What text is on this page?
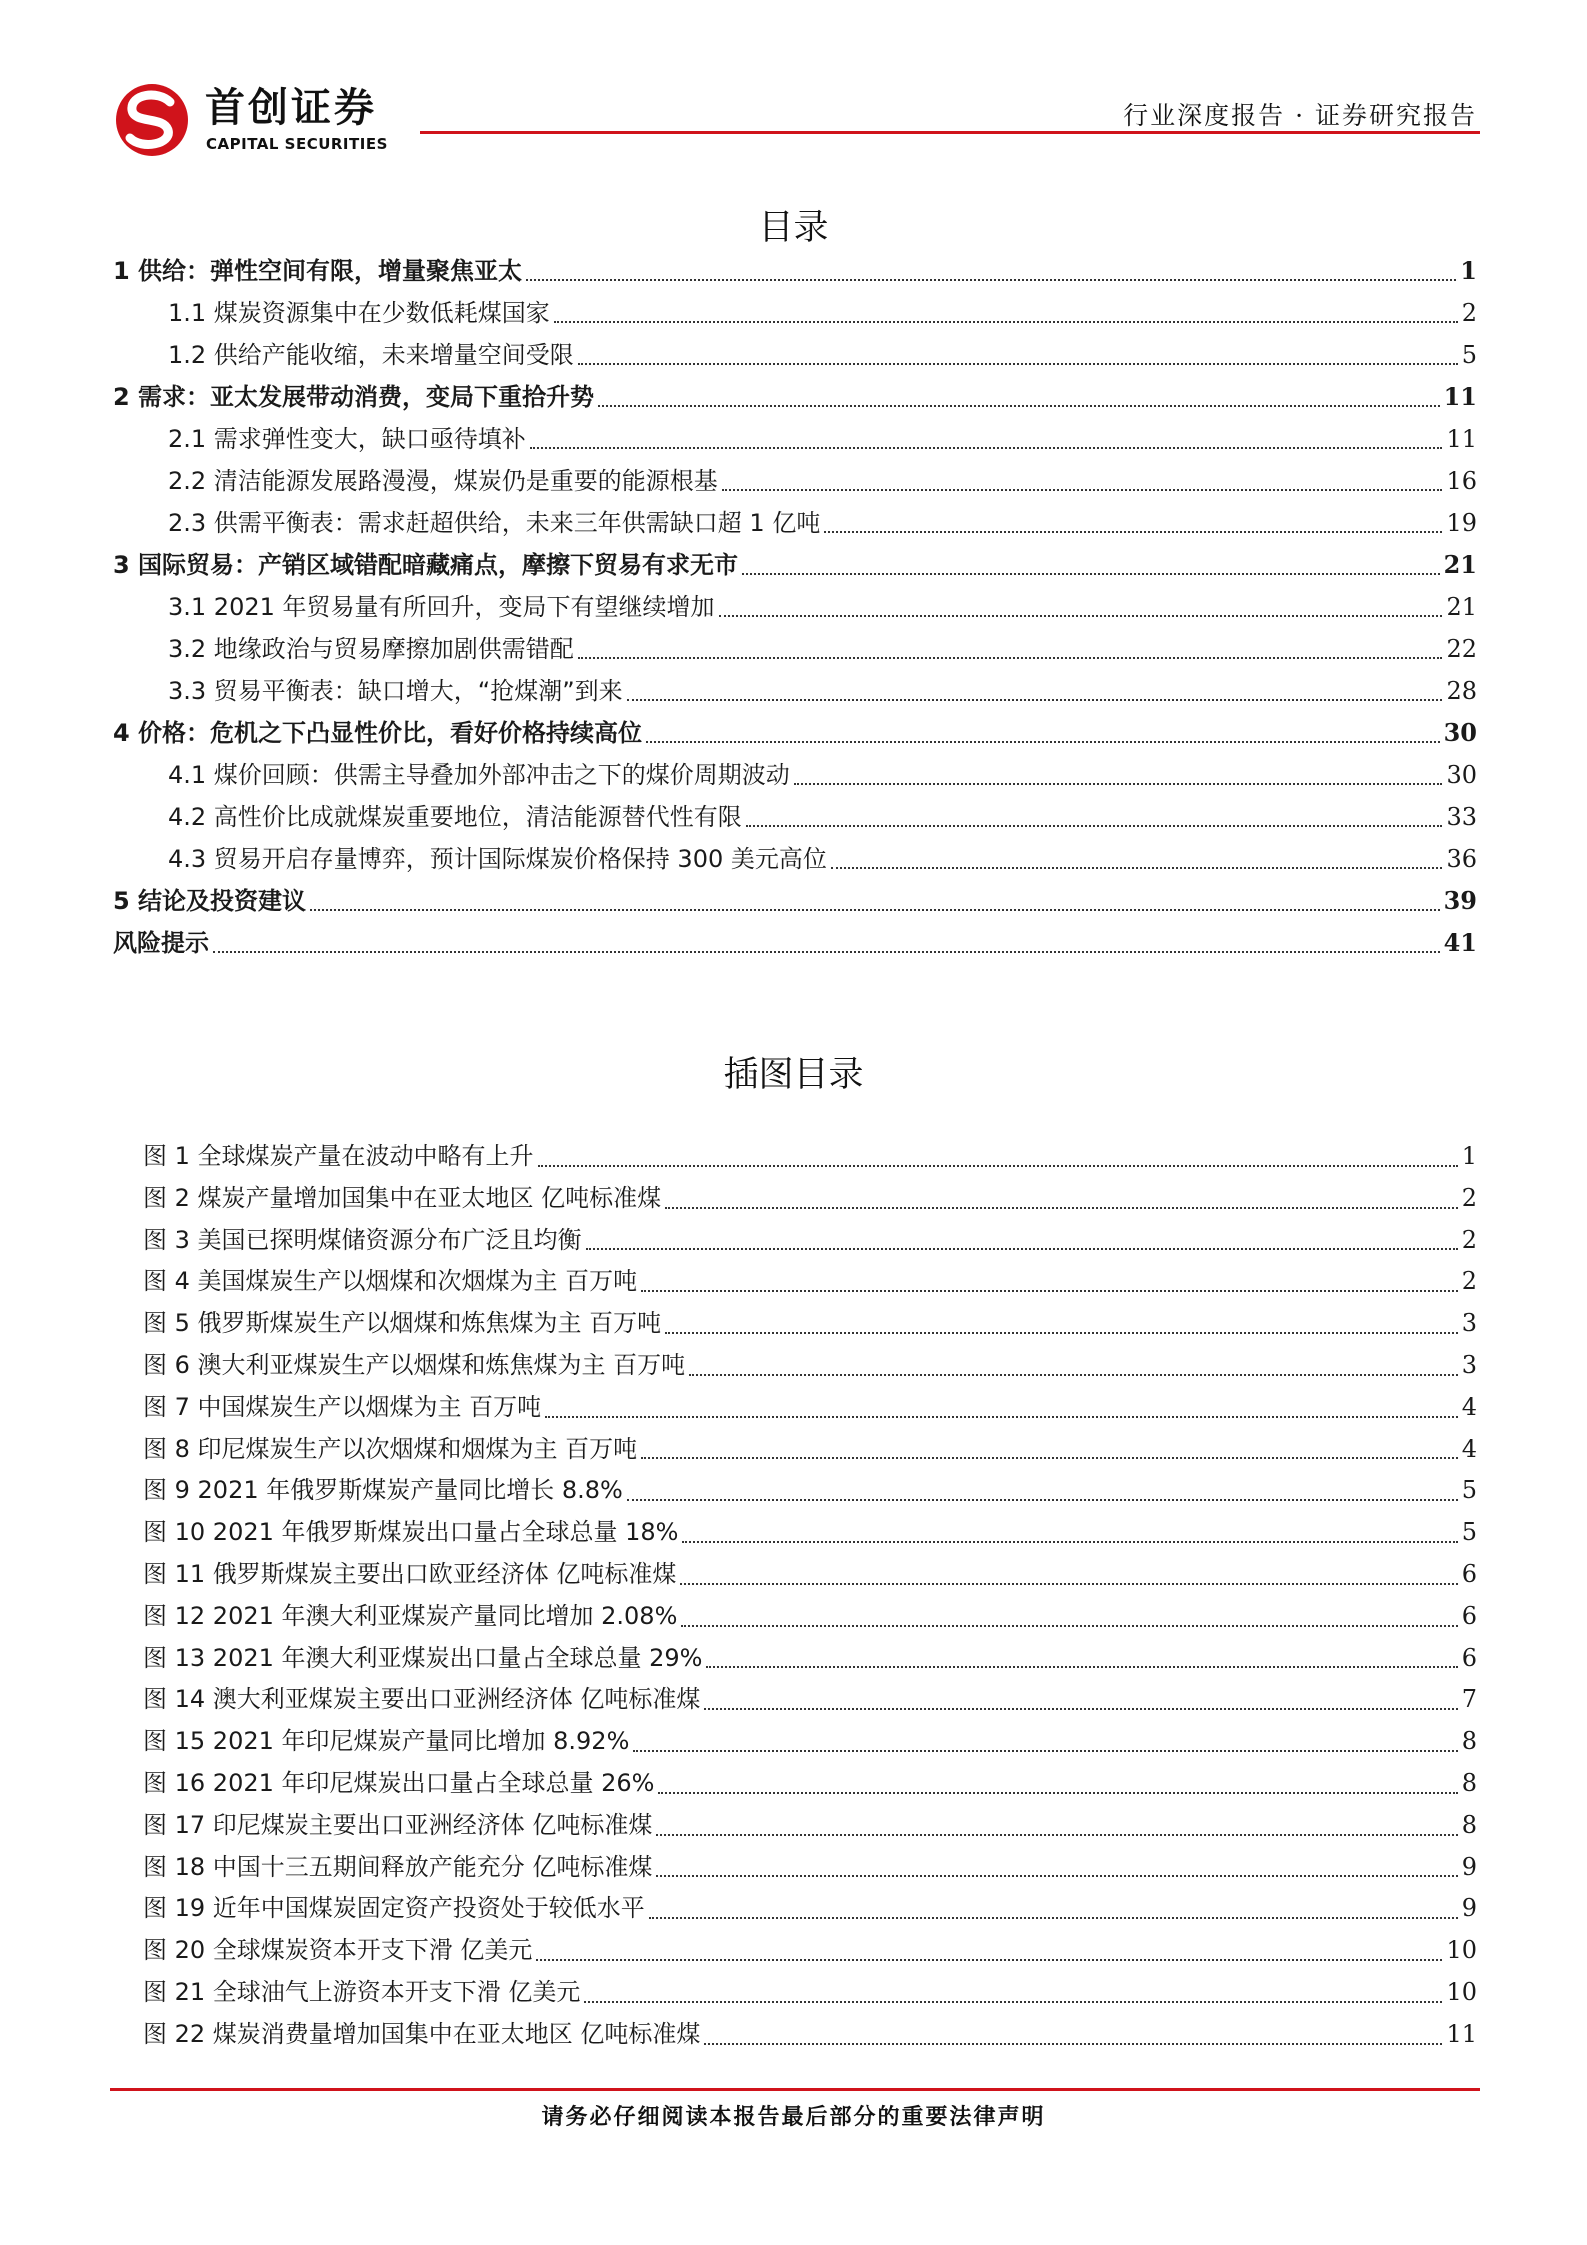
首创证券
CAPITAL SECURITIES
行业深度报告 · 证券研究报告
目录
1 供给：弹性空间有限，增量聚焦亚太	1
1.1 煤炭资源集中在少数低耗煤国家	2
1.2 供给产能收缩，未来增量空间受限	5
2 需求：亚太发展带动消费，变局下重拾升势	11
2.1 需求弹性变大，缺口亟待填补	11
2.2 清洁能源发展路漫漫，煤炭仍是重要的能源根基	16
2.3 供需平衡表：需求赶超供给，未来三年供需缺口超 1 亿吨	19
3 国际贸易：产销区域错配暗藏痛点，摩擦下贸易有求无市	21
3.1 2021 年贸易量有所回升，变局下有望继续增加	21
3.2 地缘政治与贸易摩擦加剧供需错配	22
3.3 贸易平衡表：缺口增大，“抢煤潮”到来	28
4 价格：危机之下凸显性价比，看好价格持续高位	30
4.1 煤价回顾：供需主导叠加外部冲击之下的煤价周期波动	30
4.2 高性价比成就煤炭重要地位，清洁能源替代性有限	33
4.3 贸易开启存量博弈，预计国际煤炭价格保持 300 美元高位	36
5 结论及投资建议	39
风险提示	41
插图目录
图 1 全球煤炭产量在波动中略有上升	1
图 2 煤炭产量增加国集中在亚太地区 亿吨标准煤	2
图 3 美国已探明煤储资源分布广泛且均衡	2
图 4 美国煤炭生产以烟煤和次烟煤为主 百万吨	2
图 5 俄罗斯煤炭生产以烟煤和炼焦煤为主 百万吨	3
图 6 澳大利亚煤炭生产以烟煤和炼焦煤为主 百万吨	3
图 7 中国煤炭生产以烟煤为主 百万吨	4
图 8 印尼煤炭生产以次烟煤和烟煤为主 百万吨	4
图 9 2021 年俄罗斯煤炭产量同比增长 8.8%	5
图 10 2021 年俄罗斯煤炭出口量占全球总量 18%	5
图 11 俄罗斯煤炭主要出口欧亚经济体 亿吨标准煤	6
图 12 2021 年澳大利亚煤炭产量同比增加 2.08%	6
图 13 2021 年澳大利亚煤炭出口量占全球总量 29%	6
图 14 澳大利亚煤炭主要出口亚洲经济体 亿吨标准煤	7
图 15 2021 年印尼煤炭产量同比增加 8.92%	8
图 16 2021 年印尼煤炭出口量占全球总量 26%	8
图 17 印尼煤炭主要出口亚洲经济体 亿吨标准煤	8
图 18 中国十三五期间释放产能充分 亿吨标准煤	9
图 19 近年中国煤炭固定资产投资处于较低水平	9
图 20 全球煤炭资本开支下滑 亿美元	10
图 21 全球油气上游资本开支下滑 亿美元	10
图 22 煤炭消费量增加国集中在亚太地区 亿吨标准煤	11
请务必仔细阅读本报告最后部分的重要法律声明
